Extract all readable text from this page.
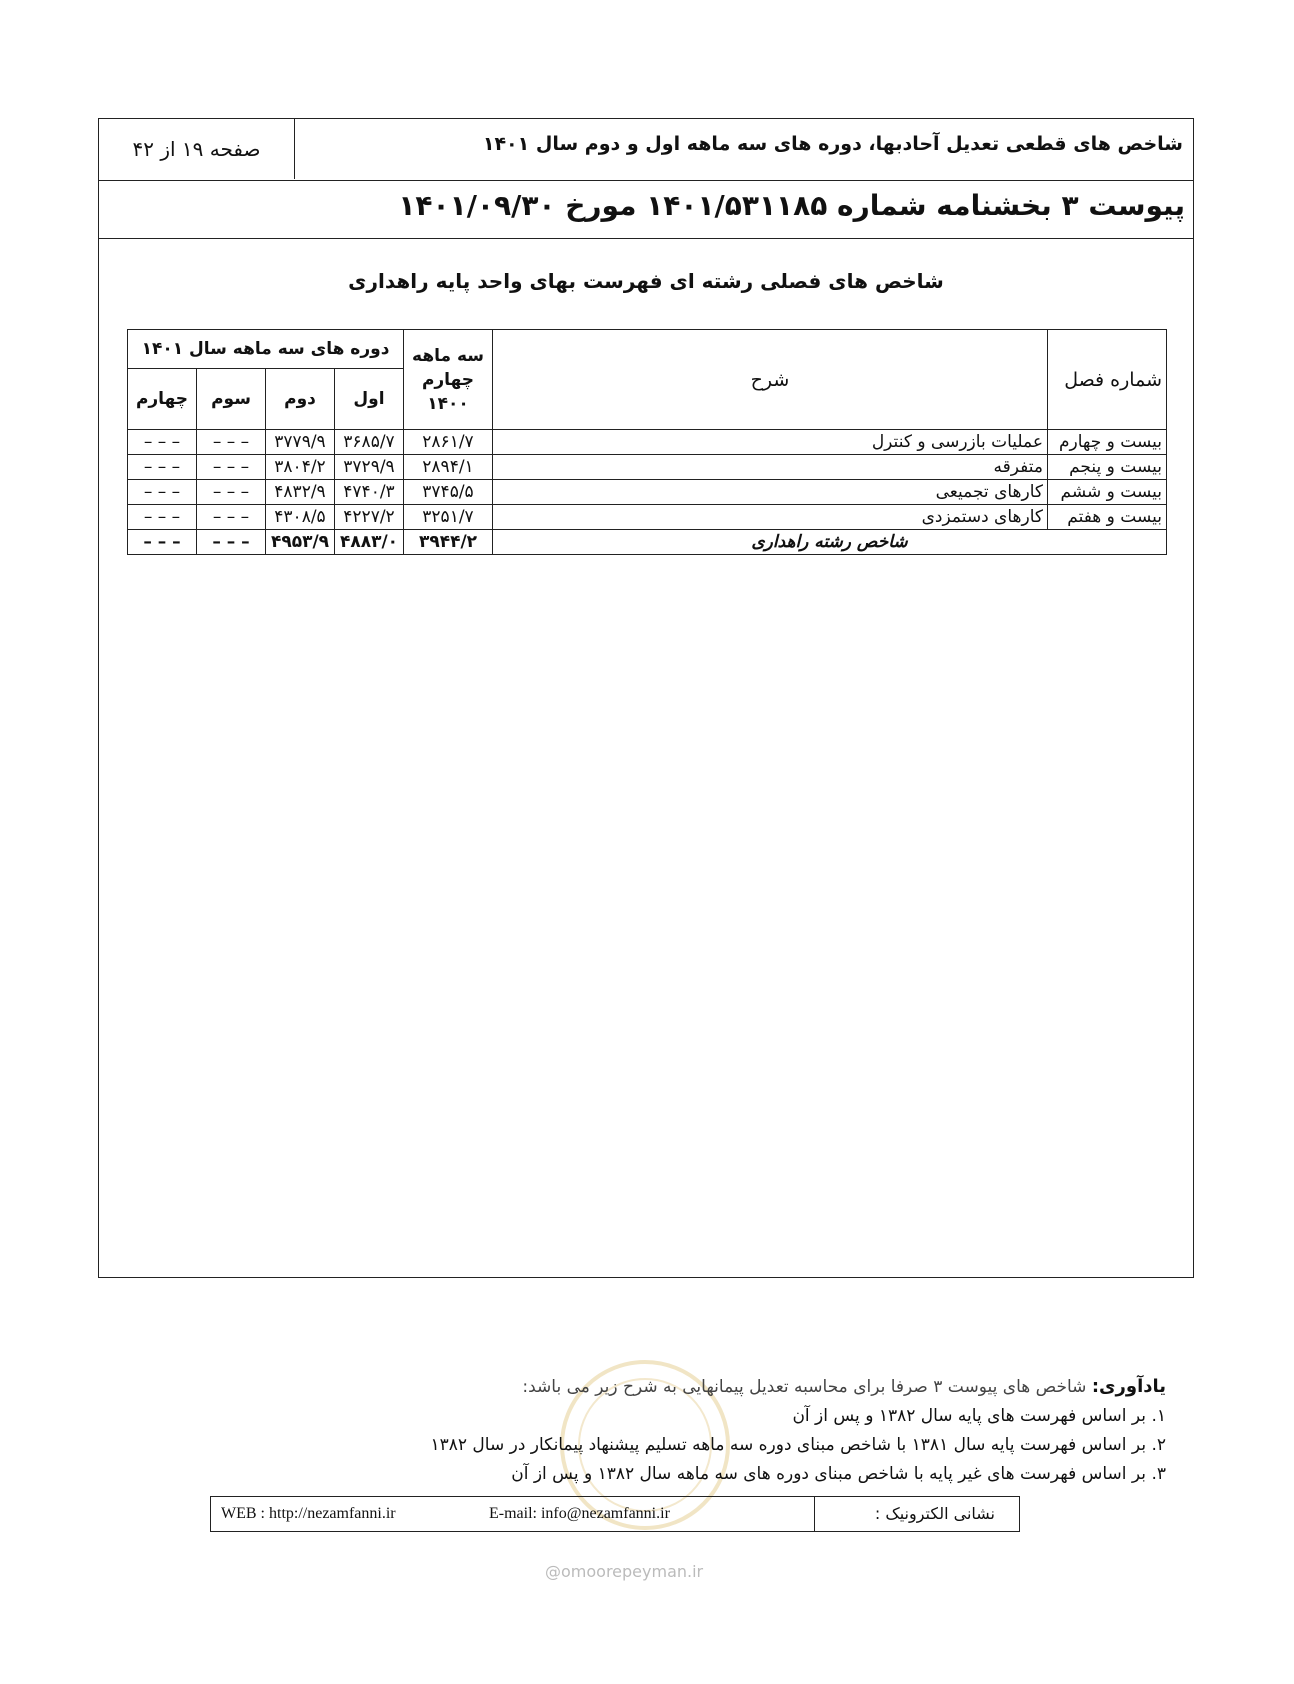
شاخص های قطعی تعدیل آحادبها، دوره های سه ماهه اول و دوم سال ۱۴۰۱
صفحه ۱۹ از ۴۲
پیوست ۳ بخشنامه شماره ۱۴۰۱/۵۳۱۱۸۵ مورخ ۱۴۰۱/۰۹/۳۰
شاخص های فصلی رشته ای فهرست بهای واحد پایه راهداری
شماره فصل	شرح	سه ماهه چهارم ۱۴۰۰	دوره های سه ماهه سال ۱۴۰۱			
			اول	دوم	سوم	چهارم
بیست و چهارم	عملیات بازرسی و کنترل	۲۸۶۱/۷	۳۶۸۵/۷	۳۷۷۹/۹	– – –	– – –
بیست و پنجم	متفرقه	۲۸۹۴/۱	۳۷۲۹/۹	۳۸۰۴/۲	– – –	– – –
بیست و ششم	کارهای تجمیعی	۳۷۴۵/۵	۴۷۴۰/۳	۴۸۳۲/۹	– – –	– – –
بیست و هفتم	کارهای دستمزدی	۳۲۵۱/۷	۴۲۲۷/۲	۴۳۰۸/۵	– – –	– – –
شاخص رشته راهداری		۳۹۴۴/۲	۴۸۸۳/۰	۴۹۵۳/۹	– – –	– – –
یادآوری: شاخص های پیوست ۳ صرفا برای محاسبه تعدیل پیمانهایی به شرح زیر می باشد:
۱. بر اساس فهرست های پایه سال ۱۳۸۲ و پس از آن
۲. بر اساس فهرست پایه سال ۱۳۸۱ با شاخص مبنای دوره سه ماهه تسلیم پیشنهاد پیمانکار در سال ۱۳۸۲
۳. بر اساس فهرست های غیر پایه با شاخص مبنای دوره های سه ماهه سال ۱۳۸۲ و پس از آن
نشانی الکترونیک :
WEB : http://nezamfanni.ir	E-mail: info@nezamfanni.ir
@omoorepeyman.ir
